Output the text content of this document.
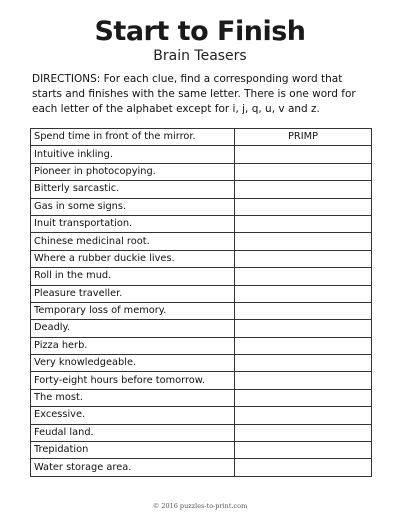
Start to Finish
Brain Teasers
DIRECTIONS: For each clue, find a corresponding word that starts and finishes with the same letter. There is one word for each letter of the alphabet except for i, j, q, u, v and z.
Spend time in front of the mirror.	PRIMP
Intuitive inkling.	
Pioneer in photocopying.	
Bitterly sarcastic.	
Gas in some signs.	
Inuit transportation.	
Chinese medicinal root.	
Where a rubber duckie lives.	
Roll in the mud.	
Pleasure traveller.	
Temporary loss of memory.	
Deadly.	
Pizza herb.	
Very knowledgeable.	
Forty-eight hours before tomorrow.	
The most.	
Excessive.	
Feudal land.	
Trepidation	
Water storage area.	
© 2016 puzzles-to-print.com
